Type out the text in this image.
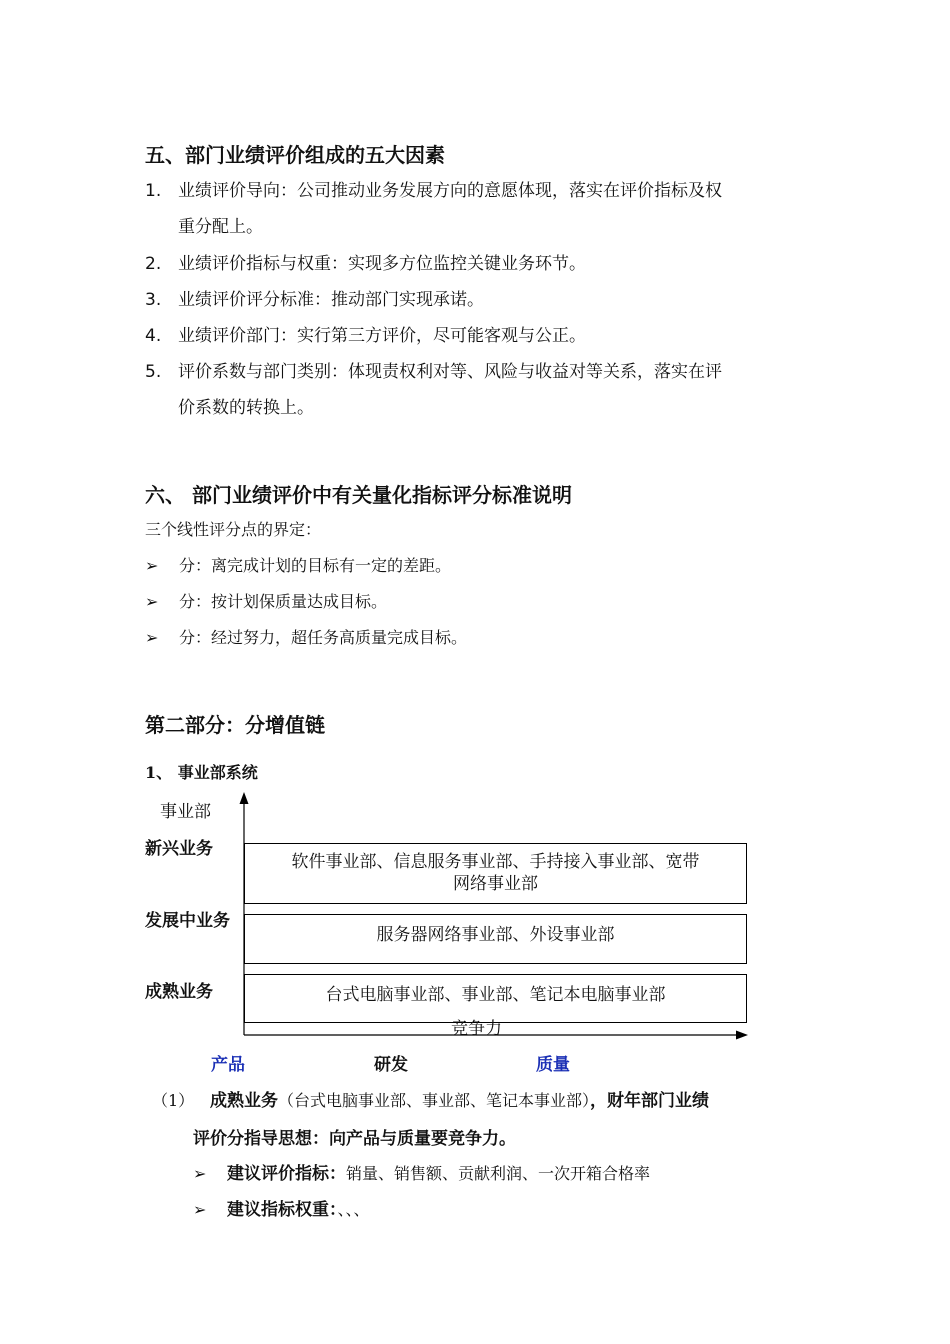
五、部门业绩评价组成的五大因素
1. 业绩评价导向：公司推动业务发展方向的意愿体现，落实在评价指标及权
重分配上。
2. 业绩评价指标与权重：实现多方位监控关键业务环节。
3. 业绩评价评分标准：推动部门实现承诺。
4. 业绩评价部门：实行第三方评价，尽可能客观与公正。
5. 评价系数与部门类别：体现责权利对等、风险与收益对等关系，落实在评
价系数的转换上。
六、 部门业绩评价中有关量化指标评分标准说明
三个线性评分点的界定：
➢ 分：离完成计划的目标有一定的差距。
➢ 分：按计划保质量达成目标。
➢ 分：经过努力，超任务高质量完成目标。
第二部分：分增值链
1、 事业部系统
事业部
新兴业务
发展中业务
成熟业务
软件事业部、信息服务事业部、手持接入事业部、宽带
网络事业部
服务器网络事业部、外设事业部
台式电脑事业部、事业部、笔记本电脑事业部
竞争力
产品	研发	质量
（1） 成熟业务（台式电脑事业部、事业部、笔记本事业部），财年部门业绩
评价分指导思想：向产品与质量要竞争力。
➢ 建议评价指标：销量、销售额、贡献利润、一次开箱合格率
➢ 建议指标权重：、、、
